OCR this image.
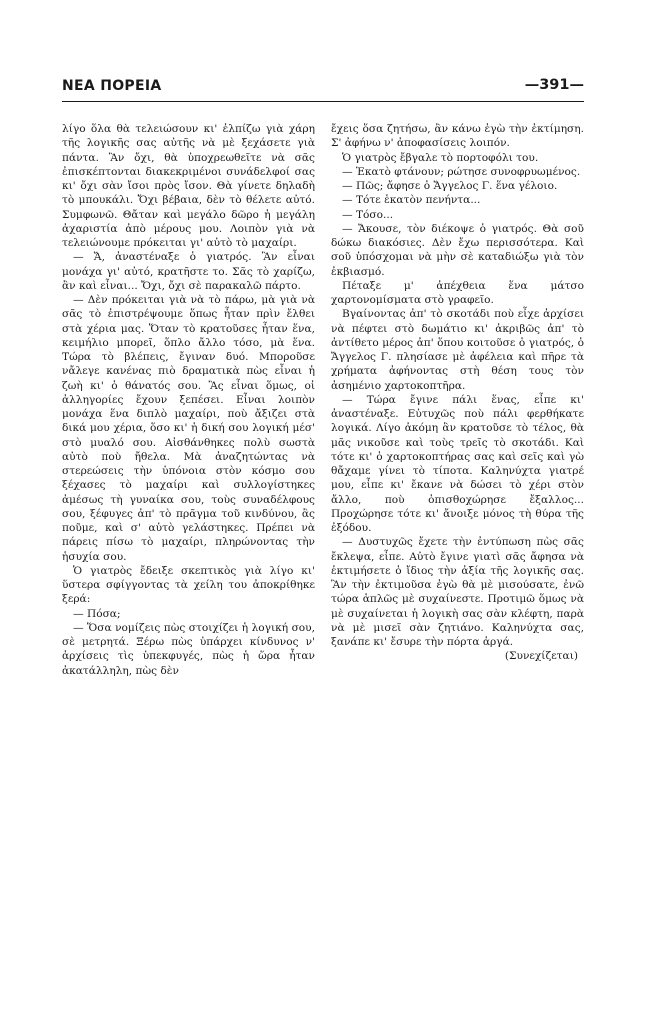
ΝΕΑ ΠΟΡΕΙΑ	—391—

λίγο ὅλα θὰ τελειώσουν κι' ἐλπίζω γιὰ χάρη τῆς λογικῆς σας αὐτῆς νὰ μὲ ξεχάσετε γιὰ πάντα. Ἂν ὄχι, θὰ ὑποχρεωθεῖτε νὰ σᾶς ἐπισκέπτονται διακεκριμένοι συνάδελφοί σας κι' ὄχι σὰν ἴσοι πρὸς ἴσον. Θὰ γίνετε δηλαδὴ τὸ μπουκάλι. Ὄχι βέβαια, δὲν τὸ θέλετε αὐτό. Συμφωνῶ. Θἄταν καὶ μεγάλο δῶρο ἡ μεγάλη ἀχαριστία ἀπὸ μέρους μου. Λοιπὸν γιὰ νὰ τελειώνουμε πρόκειται γι' αὐτὸ τὸ μαχαίρι.

— Ἄ, ἀναστέναξε ὁ γιατρός. Ἂν εἶναι μονάχα γι' αὐτό, κρατῆστε το. Σᾶς τὸ χαρίζω, ἂν καὶ εἶναι... Ὄχι, ὄχι σὲ παρακαλῶ πάρτο.

— Δὲν πρόκειται γιὰ νὰ τὸ πάρω, μὰ γιὰ νὰ σᾶς τὸ ἐπιστρέψουμε ὅπως ἦταν πρὶν ἔλθει στὰ χέρια μας. Ὅταν τὸ κρατοῦσες ἦταν ἕνα, κειμήλιο μπορεῖ, ὅπλο ἄλλο τόσο, μὰ ἕνα. Τώρα τὸ βλέπεις, ἔγιναν δυό. Μποροῦσε νἄλεγε κανένας πιὸ δραματικὰ πὼς εἶναι ἡ ζωὴ κι' ὁ θάνατός σου. Ἂς εἶναι ὅμως, οἱ ἀλληγορίες ἔχουν ξεπέσει. Εἶναι λοιπὸν μονάχα ἕνα διπλὸ μαχαίρι, ποὺ ἄξιζει στὰ δικά μου χέρια, ὅσο κι' ἡ δική σου λογική μέσ' στὸ μυαλό σου. Αἰσθάνθηκες πολὺ σωστὰ αὐτὸ ποὺ ἤθελα. Μὰ ἀναζητώντας νὰ στερεώσεις τὴν ὑπόνοια στὸν κόσμο σου ξέχασες τὸ μαχαίρι καὶ συλλογίστηκες ἀμέσως τὴ γυναίκα σου, τοὺς συναδέλφους σου, ξέφυγες ἀπ' τὸ πρᾶγμα τοῦ κινδύνου, ἂς ποῦμε, καὶ σ' αὐτὸ γελάστηκες. Πρέπει νὰ πάρεις πίσω τὸ μαχαίρι, πληρώνοντας τὴν ἡσυχία σου.

Ὁ γιατρὸς ἔδειξε σκεπτικὸς γιὰ λίγο κι' ὕστερα σφίγγοντας τὰ χείλη του ἀποκρίθηκε ξερά:

— Πόσα;

— Ὅσα νομίζεις πὼς στοιχίζει ἡ λογική σου, σὲ μετρητά. Ξέρω πὼς ὑπάρχει κίνδυνος ν' ἀρχίσεις τὶς ὑπεκφυγές, πὼς ἡ ὥρα ἦταν ἀκατάλληλη, πὼς δὲν

ἔχεις ὅσα ζητήσω, ἂν κάνω ἐγὼ τὴν ἐκτίμηση. Σ' ἀφήνω ν' ἀποφασίσεις λοιπόν.

Ὁ γιατρὸς ἔβγαλε τὸ πορτοφόλι του.

— Ἑκατὸ φτάνουν; ρώτησε συνοφρυωμένος.

— Πῶς; ἄφησε ὁ Ἄγγελος Γ. ἕνα γέλοιο.

— Τότε ἑκατὸν πενήντα...

— Τόσο...

— Ἄκουσε, τὸν διέκοψε ὁ γιατρός. Θὰ σοῦ δώκω διακόσιες. Δὲν ἔχω περισσότερα. Καὶ σοῦ ὑπόσχομαι νὰ μὴν σὲ καταδιώξω γιὰ τὸν ἐκβιασμό.

Πέταξε μ' ἀπέχθεια ἕνα μάτσο χαρτονομίσματα στὸ γραφεῖο.

Βγαίνοντας ἀπ' τὸ σκοτάδι ποὺ εἶχε ἀρχίσει νὰ πέφτει στὸ δωμάτιο κι' ἀκριβῶς ἀπ' τὸ ἀντίθετο μέρος ἀπ' ὅπου κοιτοῦσε ὁ γιατρός, ὁ Ἄγγελος Γ. πλησίασε μὲ ἀφέλεια καὶ πῆρε τὰ χρήματα ἀφήνοντας στὴ θέση τους τὸν ἀσημένιο χαρτοκοπτῆρα.

— Τώρα ἔγινε πάλι ἕνας, εἶπε κι' ἀναστέναξε. Εὐτυχῶς ποὺ πάλι φερθήκατε λογικά. Λίγο ἀκόμη ἂν κρατοῦσε τὸ τέλος, θὰ μᾶς νικοῦσε καὶ τοὺς τρεῖς τὸ σκοτάδι. Καὶ τότε κι' ὁ χαρτοκοπτήρας σας καὶ σεῖς καὶ γὼ θἄχαμε γίνει τὸ τίποτα. Καληνύχτα γιατρέ μου, εἶπε κι' ἔκανε νὰ δώσει τὸ χέρι στὸν ἄλλο, ποὺ ὀπισθοχώρησε ἔξαλλος... Προχώρησε τότε κι' ἄνοιξε μόνος τὴ θύρα τῆς ἐξόδου.

— Δυστυχῶς ἔχετε τὴν ἐντύπωση πὼς σᾶς ἔκλεψα, εἶπε. Αὐτὸ ἔγινε γιατὶ σᾶς ἄφησα νὰ ἐκτιμήσετε ὁ ἴδιος τὴν ἀξία τῆς λογικῆς σας. Ἂν τὴν ἐκτιμοῦσα ἐγὼ θὰ μὲ μισούσατε, ἐνῶ τώρα ἁπλῶς μὲ συχαίνεστε. Προτιμῶ ὅμως νὰ μὲ συχαίνεται ἡ λογικὴ σας σὰν κλέφτη, παρὰ νὰ μὲ μισεῖ σὰν ζητιάνο. Καληνύχτα σας, ξανάπε κι' ἔσυρε τὴν πόρτα ἀργά.

(Συνεχίζεται)
